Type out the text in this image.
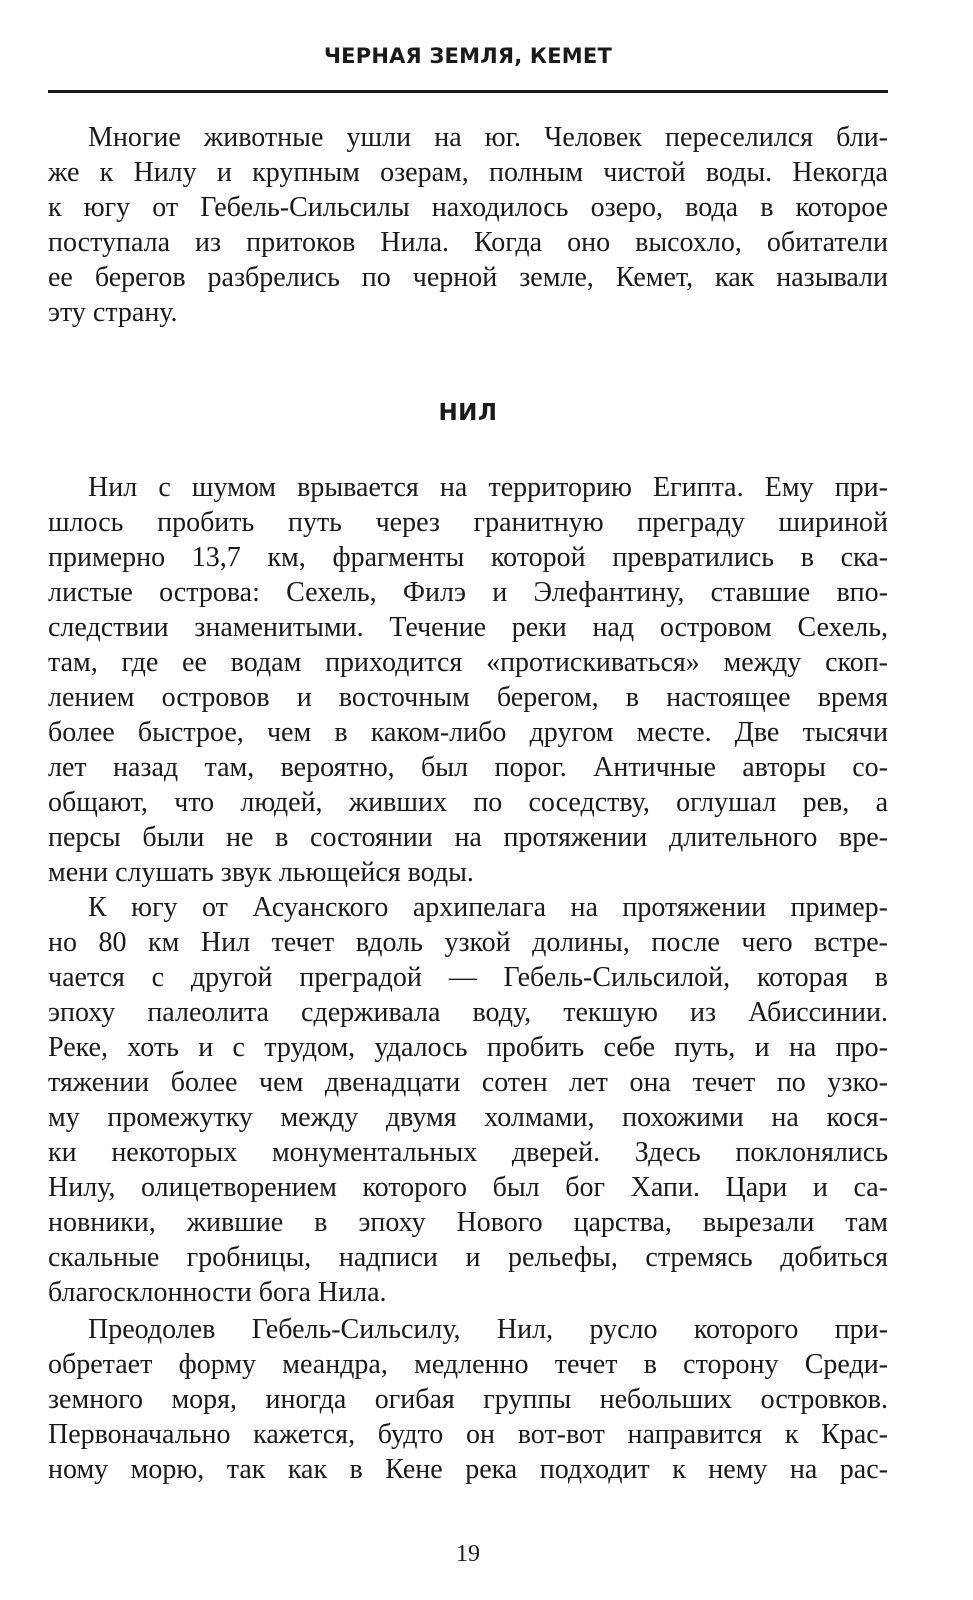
ЧЕРНАЯ ЗЕМЛЯ, КЕМЕТ

Многие животные ушли на юг. Человек переселился бли-
же к Нилу и крупным озерам, полным чистой воды. Некогда
к югу от Гебель-Сильсилы находилось озеро, вода в которое
поступала из притоков Нила. Когда оно высохло, обитатели
ее берегов разбрелись по черной земле, Кемет, как называли
эту страну.

НИЛ

Нил с шумом врывается на территорию Египта. Ему при-
шлось пробить путь через гранитную преграду шириной
примерно 13,7 км, фрагменты которой превратились в ска-
листые острова: Сехель, Филэ и Элефантину, ставшие впо-
следствии знаменитыми. Течение реки над островом Сехель,
там, где ее водам приходится «протискиваться» между скоп-
лением островов и восточным берегом, в настоящее время
более быстрое, чем в каком-либо другом месте. Две тысячи
лет назад там, вероятно, был порог. Античные авторы со-
общают, что людей, живших по соседству, оглушал рев, а
персы были не в состоянии на протяжении длительного вре-
мени слушать звук льющейся воды.

К югу от Асуанского архипелага на протяжении пример-
но 80 км Нил течет вдоль узкой долины, после чего встре-
чается с другой преградой — Гебель-Сильсилой, которая в
эпоху палеолита сдерживала воду, текшую из Абиссинии.
Реке, хоть и с трудом, удалось пробить себе путь, и на про-
тяжении более чем двенадцати сотен лет она течет по узко-
му промежутку между двумя холмами, похожими на кося-
ки некоторых монументальных дверей. Здесь поклонялись
Нилу, олицетворением которого был бог Хапи. Цари и са-
новники, жившие в эпоху Нового царства, вырезали там
скальные гробницы, надписи и рельефы, стремясь добиться
благосклонности бога Нила.

Преодолев Гебель-Сильсилу, Нил, русло которого при-
обретает форму меандра, медленно течет в сторону Среди-
земного моря, иногда огибая группы небольших островков.
Первоначально кажется, будто он вот-вот направится к Крас-
ному морю, так как в Кене река подходит к нему на рас-

19
